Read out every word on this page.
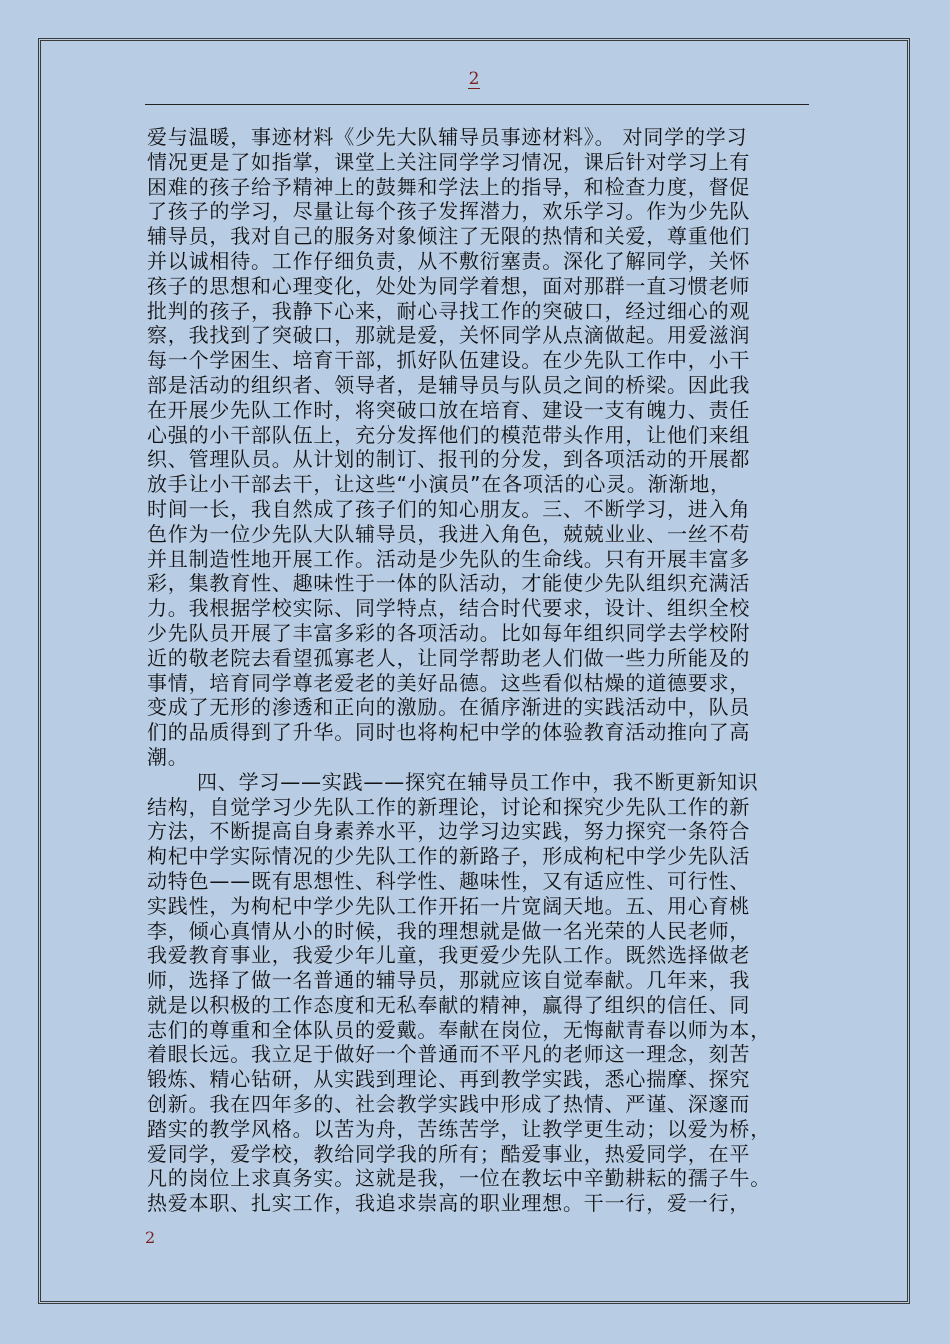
2
爱与温暖，事迹材料《少先大队辅导员事迹材料》。 对同学的学习
情况更是了如指掌，课堂上关注同学学习情况，课后针对学习上有
困难的孩子给予精神上的鼓舞和学法上的指导，和检查力度，督促
了孩子的学习，尽量让每个孩子发挥潜力，欢乐学习。作为少先队
辅导员，我对自己的服务对象倾注了无限的热情和关爱，尊重他们
并以诚相待。工作仔细负责，从不敷衍塞责。深化了解同学，关怀
孩子的思想和心理变化，处处为同学着想，面对那群一直习惯老师
批判的孩子，我静下心来，耐心寻找工作的突破口，经过细心的观
察，我找到了突破口，那就是爱，关怀同学从点滴做起。用爱滋润
每一个学困生、培育干部，抓好队伍建设。在少先队工作中，小干
部是活动的组织者、领导者，是辅导员与队员之间的桥梁。因此我
在开展少先队工作时，将突破口放在培育、建设一支有魄力、责任
心强的小干部队伍上，充分发挥他们的模范带头作用，让他们来组
织、管理队员。从计划的制订、报刊的分发，到各项活动的开展都
放手让小干部去干，让这些“小演员”在各项活的心灵。渐渐地，
时间一长，我自然成了孩子们的知心朋友。三、不断学习，进入角
色作为一位少先队大队辅导员，我进入角色，兢兢业业、一丝不苟
并且制造性地开展工作。活动是少先队的生命线。只有开展丰富多
彩，集教育性、趣味性于一体的队活动，才能使少先队组织充满活
力。我根据学校实际、同学特点，结合时代要求，设计、组织全校
少先队员开展了丰富多彩的各项活动。比如每年组织同学去学校附
近的敬老院去看望孤寡老人，让同学帮助老人们做一些力所能及的
事情，培育同学尊老爱老的美好品德。这些看似枯燥的道德要求，
变成了无形的渗透和正向的激励。在循序渐进的实践活动中，队员
们的品质得到了升华。同时也将枸杞中学的体验教育活动推向了高
潮。
四、学习——实践——探究在辅导员工作中，我不断更新知识
结构，自觉学习少先队工作的新理论，讨论和探究少先队工作的新
方法，不断提高自身素养水平，边学习边实践，努力探究一条符合
枸杞中学实际情况的少先队工作的新路子，形成枸杞中学少先队活
动特色——既有思想性、科学性、趣味性，又有适应性、可行性、
实践性，为枸杞中学少先队工作开拓一片宽阔天地。五、用心育桃
李，倾心真情从小的时候，我的理想就是做一名光荣的人民老师，
我爱教育事业，我爱少年儿童，我更爱少先队工作。既然选择做老
师，选择了做一名普通的辅导员，那就应该自觉奉献。几年来，我
就是以积极的工作态度和无私奉献的精神，赢得了组织的信任、同
志们的尊重和全体队员的爱戴。奉献在岗位，无悔献青春以师为本，
着眼长远。我立足于做好一个普通而不平凡的老师这一理念，刻苦
锻炼、精心钻研，从实践到理论、再到教学实践，悉心揣摩、探究
创新。我在四年多的、社会教学实践中形成了热情、严谨、深邃而
踏实的教学风格。以苦为舟，苦练苦学，让教学更生动；以爱为桥，
爱同学，爱学校，教给同学我的所有；酷爱事业，热爱同学，在平
凡的岗位上求真务实。这就是我，一位在教坛中辛勤耕耘的孺子牛。
热爱本职、扎实工作，我追求崇高的职业理想。干一行，爱一行，
2
